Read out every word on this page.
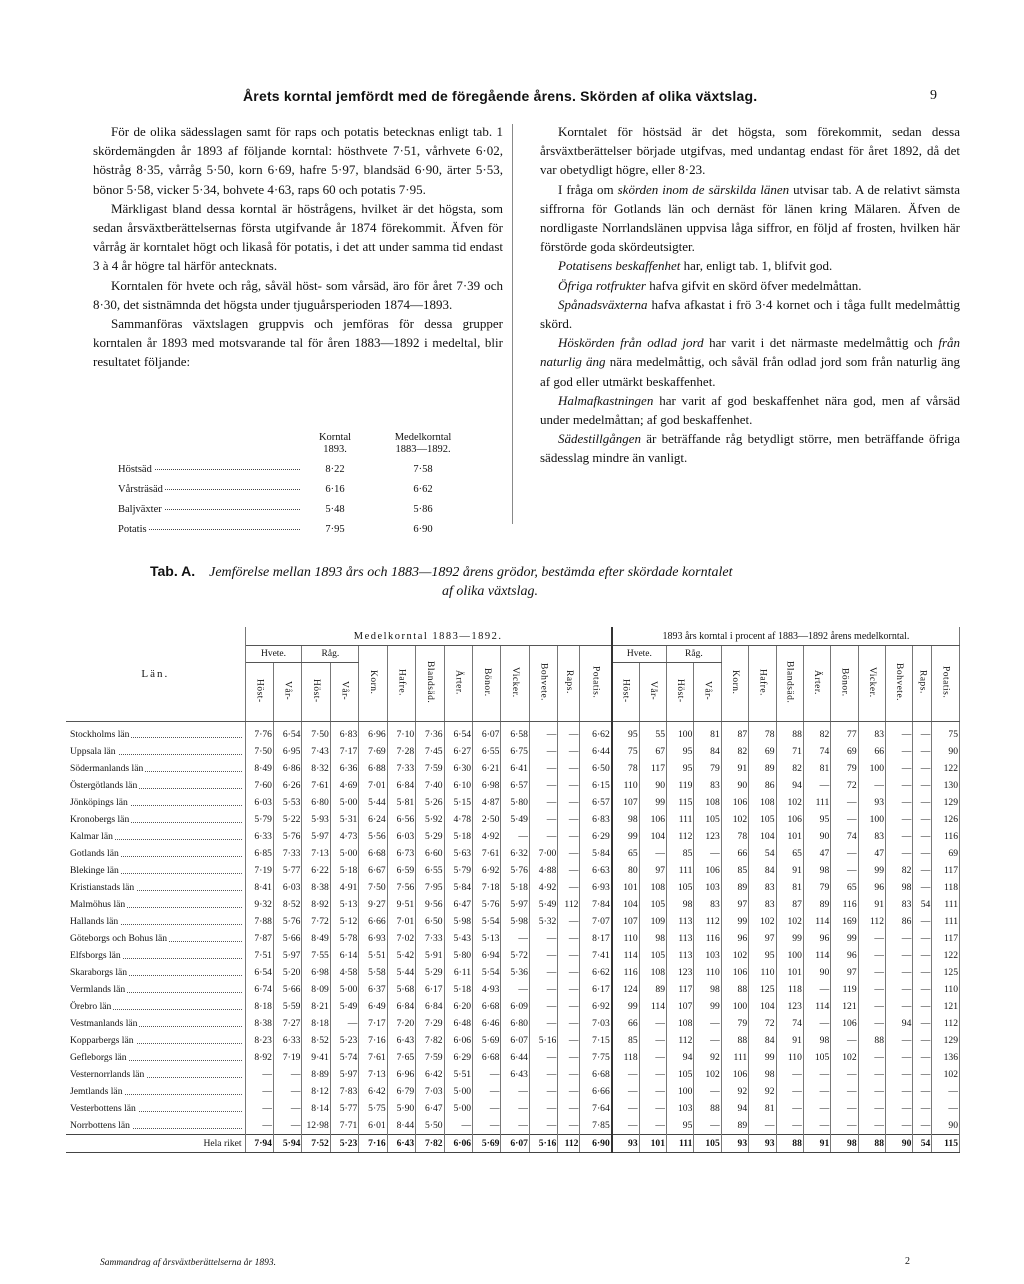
Årets korntal jemfördt med de föregående årens. Skörden af olika växtslag.	9

För de olika sädesslagen samt för raps och potatis betecknas enligt tab. 1 skördemängden år 1893 af följande korntal: hösthvete 7·51, vårhvete 6·02, höstråg 8·35, vårråg 5·50, korn 6·69, hafre 5·97, blandsäd 6·90, ärter 5·53, bönor 5·58, vicker 5·34, bohvete 4·63, raps 60 och potatis 7·95.

Märkligast bland dessa korntal är höstrågens, hvilket är det högsta, som sedan årsväxtberättelsernas första utgifvande år 1874 förekommit. Äfven för vårråg är korntalet högt och likaså för potatis, i det att under samma tid endast 3 à 4 år högre tal härför antecknats.

Korntalen för hvete och råg, såväl höst- som vårsäd, äro för året 7·39 och 8·30, det sistnämnda det högsta under tjuguårsperioden 1874—1893.

Sammanföras växtslagen gruppvis och jemföras för dessa grupper korntalen år 1893 med motsvarande tal för åren 1883—1892 i medeltal, blir resultatet följande:

Korntal 1893.
Medelkorntal 1883—1892.
Höstsäd	8·22	7·58
Vårsträsäd	6·16	6·62
Baljväxter	5·48	5·86
Potatis	7·95	6·90

Korntalet för höstsäd är det högsta, som förekommit, sedan dessa årsväxtberättelser började utgifvas, med undantag endast för året 1892, då det var obetydligt högre, eller 8·23.

I fråga om skörden inom de särskilda länen utvisar tab. A de relativt sämsta siffrorna för Gotlands län och dernäst för länen kring Mälaren. Äfven de nordligaste Norrlandslänen uppvisa låga siffror, en följd af frosten, hvilken här förstörde goda skördeutsigter.

Potatisens beskaffenhet har, enligt tab. 1, blifvit god.

Öfriga rotfrukter hafva gifvit en skörd öfver medelmåttan.

Spånadsväxterna hafva afkastat i frö 3·4 kornet och i tåga fullt medelmåttig skörd.

Höskörden från odlad jord har varit i det närmaste medelmåttig och från naturlig äng nära medelmåttig, och såväl från odlad jord som från naturlig äng af god eller utmärkt beskaffenhet.

Halmafkastningen har varit af god beskaffenhet nära god, men af vårsäd under medelmåttan; af god beskaffenhet.

Sädestillgången är beträffande råg betydligt större, men beträffande öfriga sädesslag mindre än vanligt.

Tab. A. Jemförelse mellan 1893 års och 1883—1892 årens grödor, bestämda efter skördade korntalet
af olika växtslag.
Län.	Medelkorntal 1883—1892.													1893 års korntal i procent af 1883—1892 årens medelkorntal.												
	Hvete.		Råg.		Korn.	Hafre.	Blandsäd.	Ärter.	Bönor.	Vicker.	Bohvete.	Raps.	Potatis.	Hvete.		Råg.		Korn.	Hafre.	Blandsäd.	Ärter.	Bönor.	Vicker.	Bohvete.	Raps.	Potatis.
	Höst-	Vår-	Höst-	Vår-										Höst-	Vår-	Höst-	Vår-									
Stockholms län	7·76	6·54	7·50	6·83	6·96	7·10	7·36	6·54	6·07	6·58	—	—	6·62	95	55	100	81	87	78	88	82	77	83	—	—	75
Uppsala län	7·50	6·95	7·43	7·17	7·69	7·28	7·45	6·27	6·55	6·75	—	—	6·44	75	67	95	84	82	69	71	74	69	66	—	—	90
Södermanlands län	8·49	6·86	8·32	6·36	6·88	7·33	7·59	6·30	6·21	6·41	—	—	6·50	78	117	95	79	91	89	82	81	79	100	—	—	122
Östergötlands län	7·60	6·26	7·61	4·69	7·01	6·84	7·40	6·10	6·98	6·57	—	—	6·15	110	90	119	83	90	86	94	—	72	—	—	—	130
Jönköpings län	6·03	5·53	6·80	5·00	5·44	5·81	5·26	5·15	4·87	5·80	—	—	6·57	107	99	115	108	106	108	102	111	—	93	—	—	129
Kronobergs län	5·79	5·22	5·93	5·31	6·24	6·56	5·92	4·78	2·50	5·49	—	—	6·83	98	106	111	105	102	105	106	95	—	100	—	—	126
Kalmar län	6·33	5·76	5·97	4·73	5·56	6·03	5·29	5·18	4·92	—	—	—	6·29	99	104	112	123	78	104	101	90	74	83	—	—	116
Gotlands län	6·85	7·33	7·13	5·00	6·68	6·73	6·60	5·63	7·61	6·32	7·00	—	5·84	65	—	85	—	66	54	65	47	—	47	—	—	69
Blekinge län	7·19	5·77	6·22	5·18	6·67	6·59	6·55	5·79	6·92	5·76	4·88	—	6·63	80	97	111	106	85	84	91	98	—	99	82	—	117
Kristianstads län	8·41	6·03	8·38	4·91	7·50	7·56	7·95	5·84	7·18	5·18	4·92	—	6·93	101	108	105	103	89	83	81	79	65	96	98	—	118
Malmöhus län	9·32	8·52	8·92	5·13	9·27	9·51	9·56	6·47	5·76	5·97	5·49	112	7·84	104	105	98	83	97	83	87	89	116	91	83	54	111
Hallands län	7·88	5·76	7·72	5·12	6·66	7·01	6·50	5·98	5·54	5·98	5·32	—	7·07	107	109	113	112	99	102	102	114	169	112	86	—	111
Göteborgs och Bohus län	7·87	5·66	8·49	5·78	6·93	7·02	7·33	5·43	5·13	—	—	—	8·17	110	98	113	116	96	97	99	96	99	—	—	—	117
Elfsborgs län	7·51	5·97	7·55	6·14	5·51	5·42	5·91	5·80	6·94	5·72	—	—	7·41	114	105	113	103	102	95	100	114	96	—	—	—	122
Skaraborgs län	6·54	5·20	6·98	4·58	5·58	5·44	5·29	6·11	5·54	5·36	—	—	6·62	116	108	123	110	106	110	101	90	97	—	—	—	125
Vermlands län	6·74	5·66	8·09	5·00	6·37	5·68	6·17	5·18	4·93	—	—	—	6·17	124	89	117	98	88	125	118	—	119	—	—	—	110
Örebro län	8·18	5·59	8·21	5·49	6·49	6·84	6·84	6·20	6·68	6·09	—	—	6·92	99	114	107	99	100	104	123	114	121	—	—	—	121
Vestmanlands län	8·38	7·27	8·18	—	7·17	7·20	7·29	6·48	6·46	6·80	—	—	7·03	66	—	108	—	79	72	74	—	106	—	94	—	112
Kopparbergs län	8·23	6·33	8·52	5·23	7·16	6·43	7·82	6·06	5·69	6·07	5·16	—	7·15	85	—	112	—	88	84	91	98	—	88	—	—	129
Gefleborgs län	8·92	7·19	9·41	5·74	7·61	7·65	7·59	6·29	6·68	6·44	—	—	7·75	118	—	94	92	111	99	110	105	102	—	—	—	136
Vesternorrlands län	—	—	8·89	5·97	7·13	6·96	6·42	5·51	—	6·43	—	—	6·68	—	—	105	102	106	98	—	—	—	—	—	—	102
Jemtlands län	—	—	8·12	7·83	6·42	6·79	7·03	5·00	—	—	—	—	6·66	—	—	100	—	92	92	—	—	—	—	—	—	—
Vesterbottens län	—	—	8·14	5·77	5·75	5·90	6·47	5·00	—	—	—	—	7·64	—	—	103	88	94	81	—	—	—	—	—	—	—
Norrbottens län	—	—	12·98	7·71	6·01	8·44	5·50	—	—	—	—	—	7·85	—	—	95	—	89	—	—	—	—	—	—	—	90
Hela riket	7·94	5·94	7·52	5·23	7·16	6·43	7·82	6·06	5·69	6·07	5·16	112	6·90	93	101	111	105	93	93	88	91	98	88	90	54	115
Sammandrag af årsväxtberättelserna år 1893.	2
